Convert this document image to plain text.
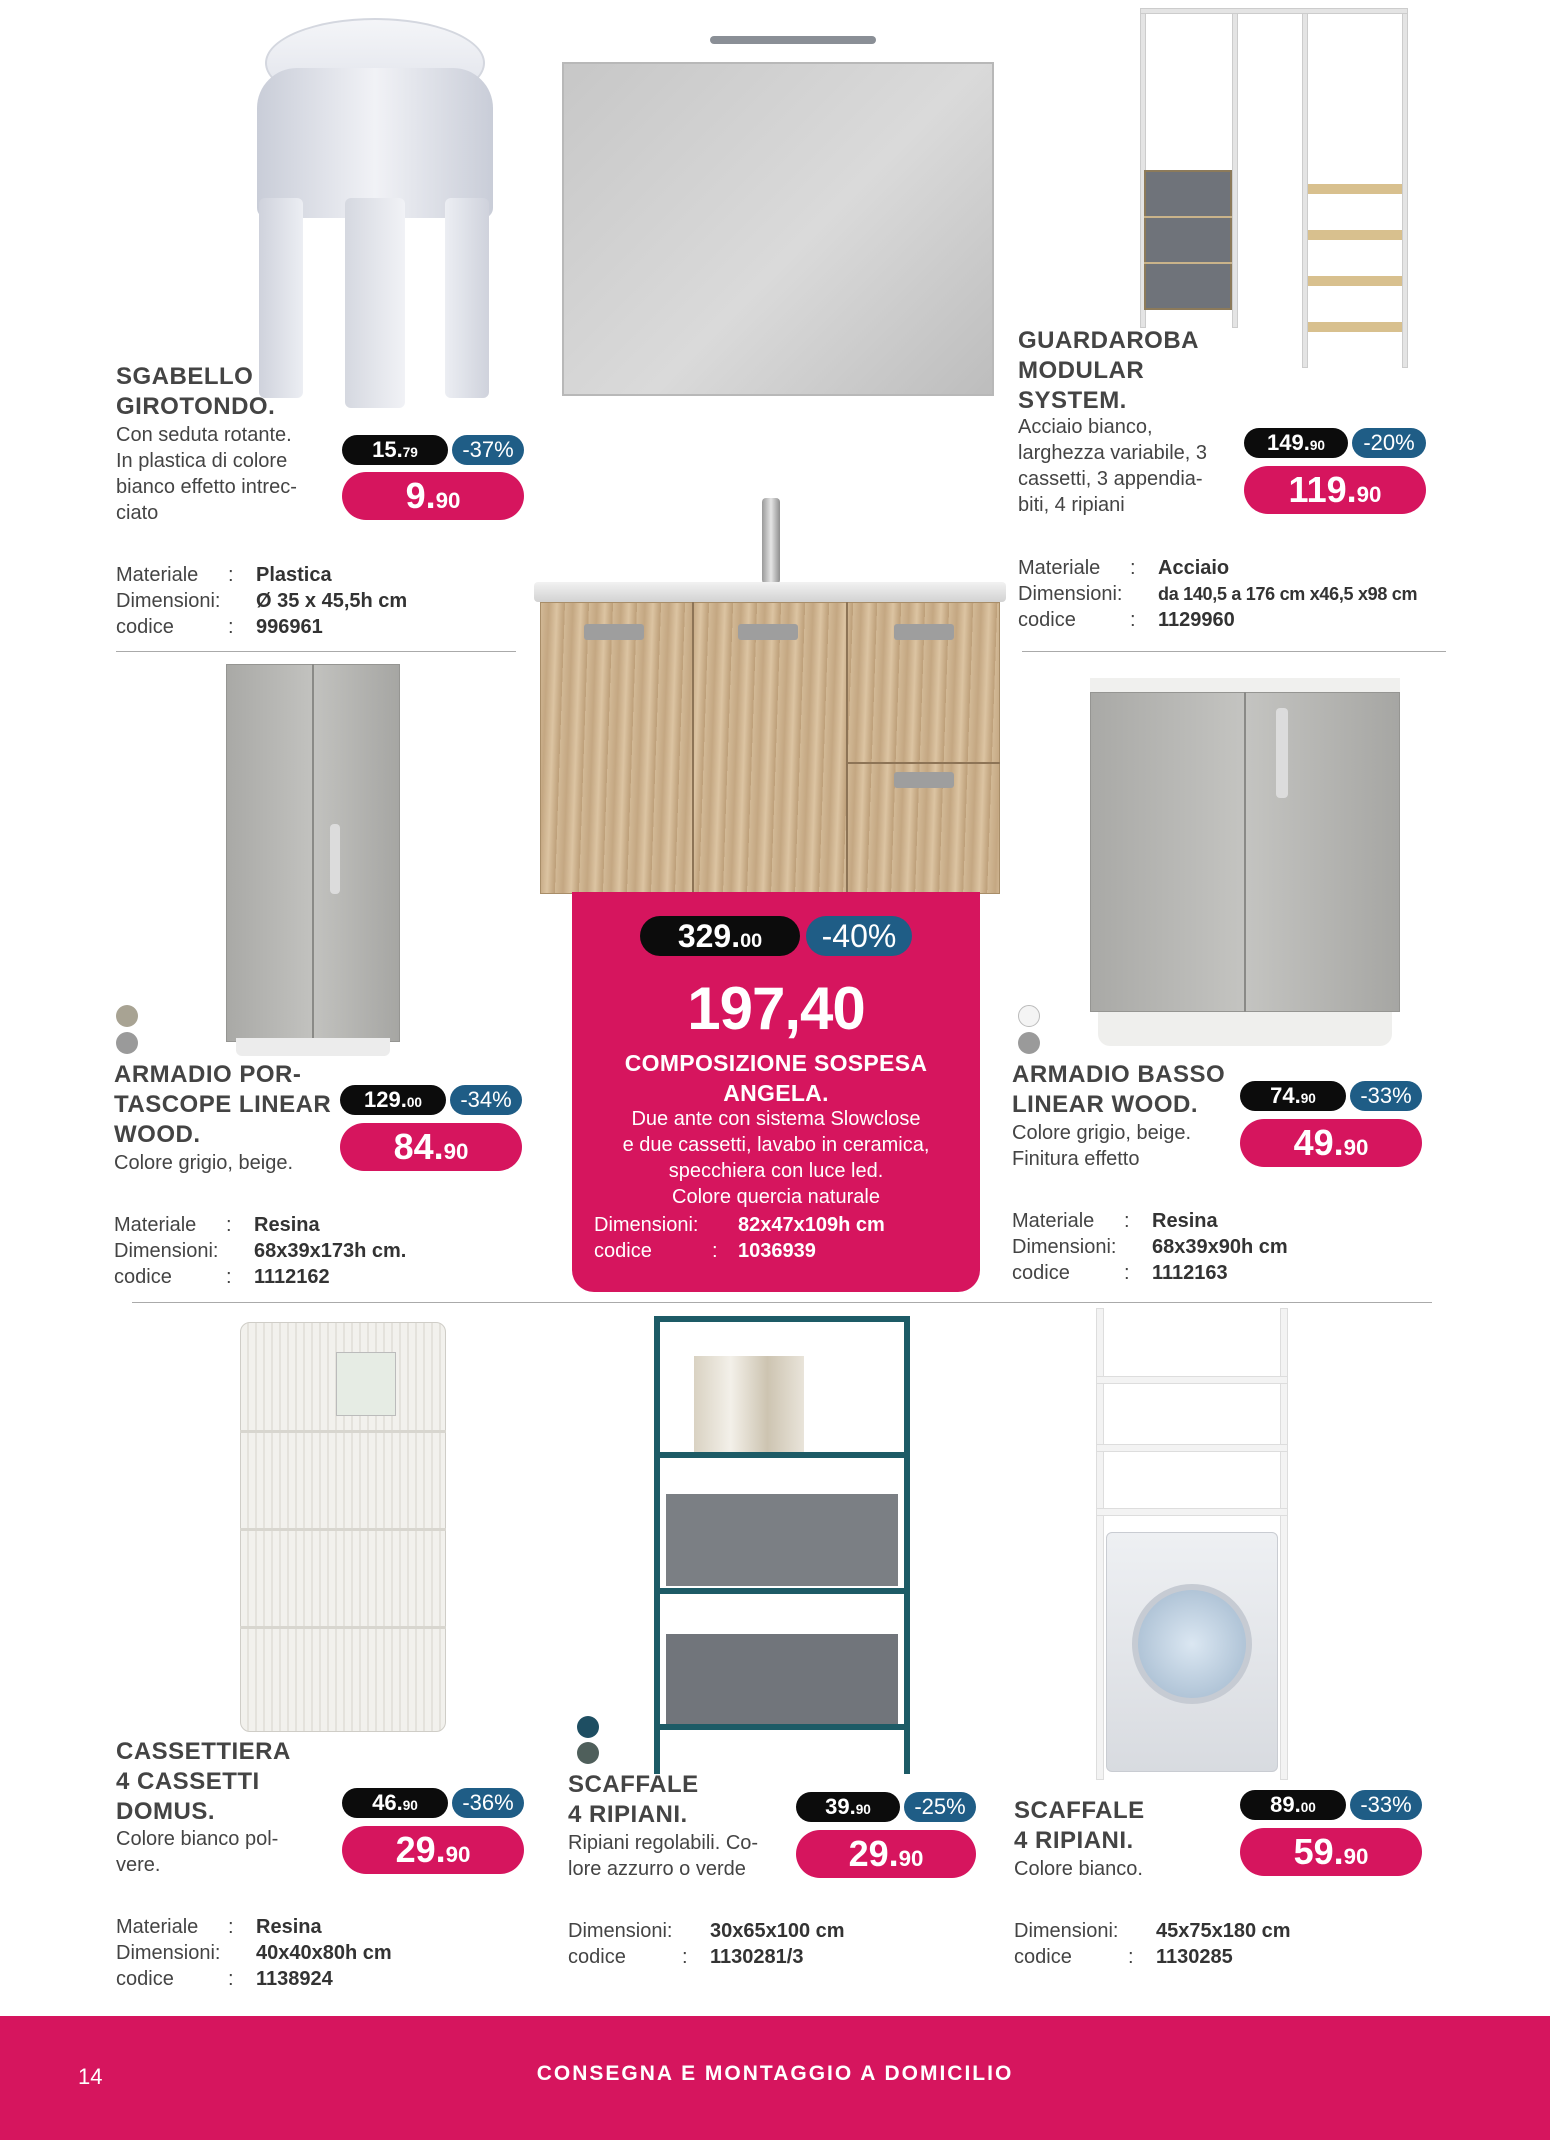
SGABELLO
GIROTONDO.
Con seduta rotante.
In plastica di colore
bianco effetto intrec-
ciato
15.79	-37%
9.90
Materiale	:	Plastica
Dimensioni:	Ø 35 x 45,5h cm
codice	:	996961
GUARDAROBA
MODULAR
SYSTEM.
Acciaio bianco,
larghezza variabile, 3
cassetti, 3 appendia-
biti, 4 ripiani
149.90	-20%
119.90
Materiale	:	Acciaio
Dimensioni:	da 140,5 a 176 cm x46,5 x98 cm
codice	:	1129960
ARMADIO POR-
TASCOPE LINEAR
WOOD.
Colore grigio, beige.
129.00	-34%
84.90
Materiale	:	Resina
Dimensioni:	68x39x173h cm.
codice	:	1112162
329.00	-40%
197,40
COMPOSIZIONE SOSPESA
ANGELA.
Due ante con sistema Slowclose
e due cassetti, lavabo in ceramica,
specchiera con luce led.
Colore quercia naturale
Dimensioni:	82x47x109h cm
codice	:	1036939
ARMADIO BASSO
LINEAR WOOD.
Colore grigio, beige.
Finitura effetto
74.90	-33%
49.90
Materiale	:	Resina
Dimensioni:	68x39x90h cm
codice	:	1112163
CASSETTIERA
4 CASSETTI
DOMUS.
Colore bianco pol-
vere.
46.90	-36%
29.90
Materiale	:	Resina
Dimensioni:	40x40x80h cm
codice	:	1138924
SCAFFALE
4 RIPIANI.
Ripiani regolabili. Co-
lore azzurro o verde
39.90	-25%
29.90
Dimensioni:	30x65x100 cm
codice	:	1130281/3
SCAFFALE
4 RIPIANI.
Colore bianco.
89.00	-33%
59.90
Dimensioni:	45x75x180 cm
codice	:	1130285
14	CONSEGNA E MONTAGGIO A DOMICILIO
